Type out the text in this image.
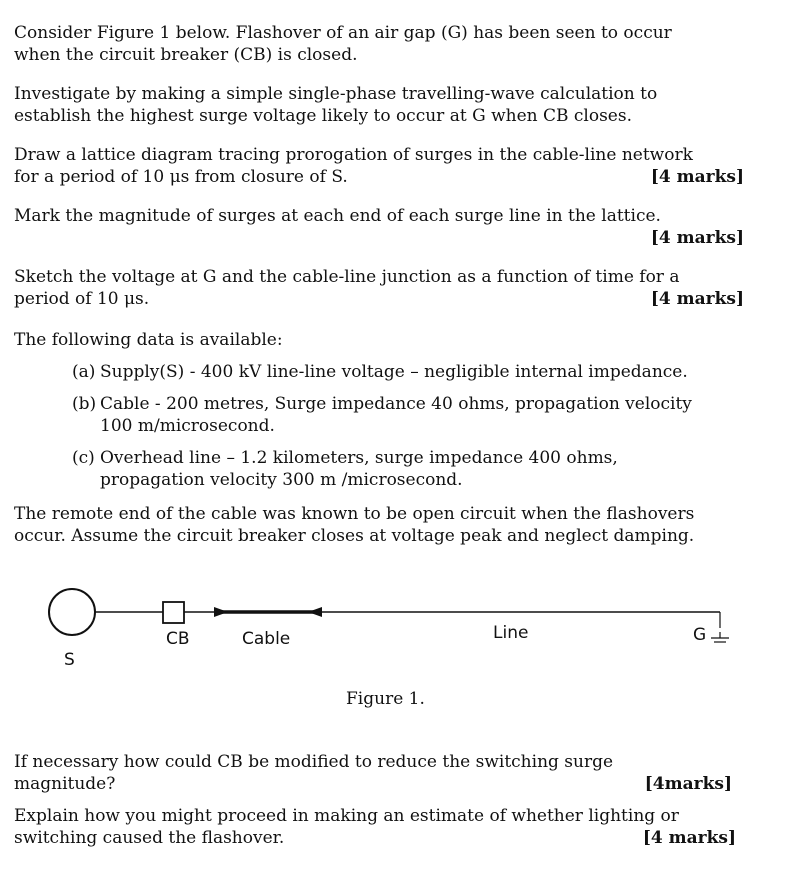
Consider Figure 1 below. Flashover of an air gap (G) has been seen to occur
when the circuit breaker (CB) is closed.
Investigate by making a simple single-phase travelling-wave calculation to
establish the highest surge voltage likely to occur at G when CB closes.
Draw a lattice diagram tracing prorogation of surges in the cable-line network
for a period of 10 μs from closure of S.	[4 marks]
Mark the magnitude of surges at each end of each surge line in the lattice.
[4 marks]
Sketch the voltage at G and the cable-line junction as a function of time for a
period of 10 μs.	[4 marks]
The following data is available:
(a) Supply(S) - 400 kV line-line voltage – negligible internal impedance.
(b) Cable - 200 metres, Surge impedance 40 ohms, propagation velocity
100 m/microsecond.
(c) Overhead line – 1.2 kilometers, surge impedance 400 ohms,
propagation velocity 300 m /microsecond.
The remote end of the cable was known to be open circuit when the flashovers
occur. Assume the circuit breaker closes at voltage peak and neglect damping.
S
CB	Cable	Line	G
Figure 1.
If necessary how could CB be modified to reduce the switching surge
magnitude?	[4marks]
Explain how you might proceed in making an estimate of whether lighting or
switching caused the flashover.	[4 marks]
